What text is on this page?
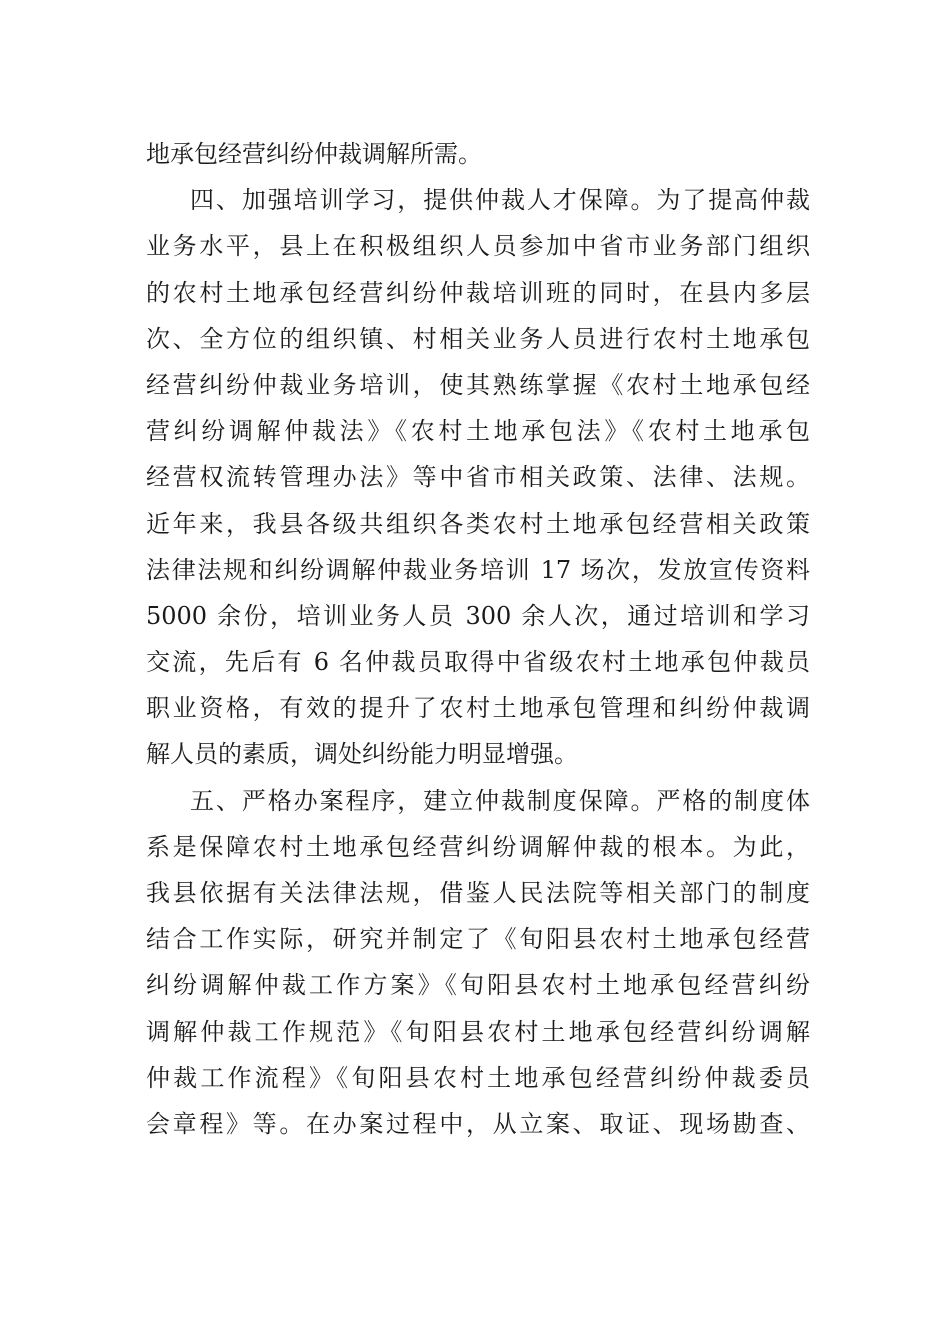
地承包经营纠纷仲裁调解所需。
四、加强培训学习，提供仲裁人才保障。为了提高仲裁
业务水平，县上在积极组织人员参加中省市业务部门组织
的农村土地承包经营纠纷仲裁培训班的同时，在县内多层
次、全方位的组织镇、村相关业务人员进行农村土地承包
经营纠纷仲裁业务培训，使其熟练掌握《农村土地承包经
营纠纷调解仲裁法》《农村土地承包法》《农村土地承包
经营权流转管理办法》等中省市相关政策、法律、法规。
近年来，我县各级共组织各类农村土地承包经营相关政策
法律法规和纠纷调解仲裁业务培训 17 场次，发放宣传资料
5000 余份，培训业务人员 300 余人次，通过培训和学习
交流，先后有 6 名仲裁员取得中省级农村土地承包仲裁员
职业资格，有效的提升了农村土地承包管理和纠纷仲裁调
解人员的素质，调处纠纷能力明显增强。
五、严格办案程序，建立仲裁制度保障。严格的制度体
系是保障农村土地承包经营纠纷调解仲裁的根本。为此，
我县依据有关法律法规，借鉴人民法院等相关部门的制度
结合工作实际，研究并制定了《旬阳县农村土地承包经营
纠纷调解仲裁工作方案》《旬阳县农村土地承包经营纠纷
调解仲裁工作规范》《旬阳县农村土地承包经营纠纷调解
仲裁工作流程》《旬阳县农村土地承包经营纠纷仲裁委员
会章程》等。在办案过程中，从立案、取证、现场勘查、
